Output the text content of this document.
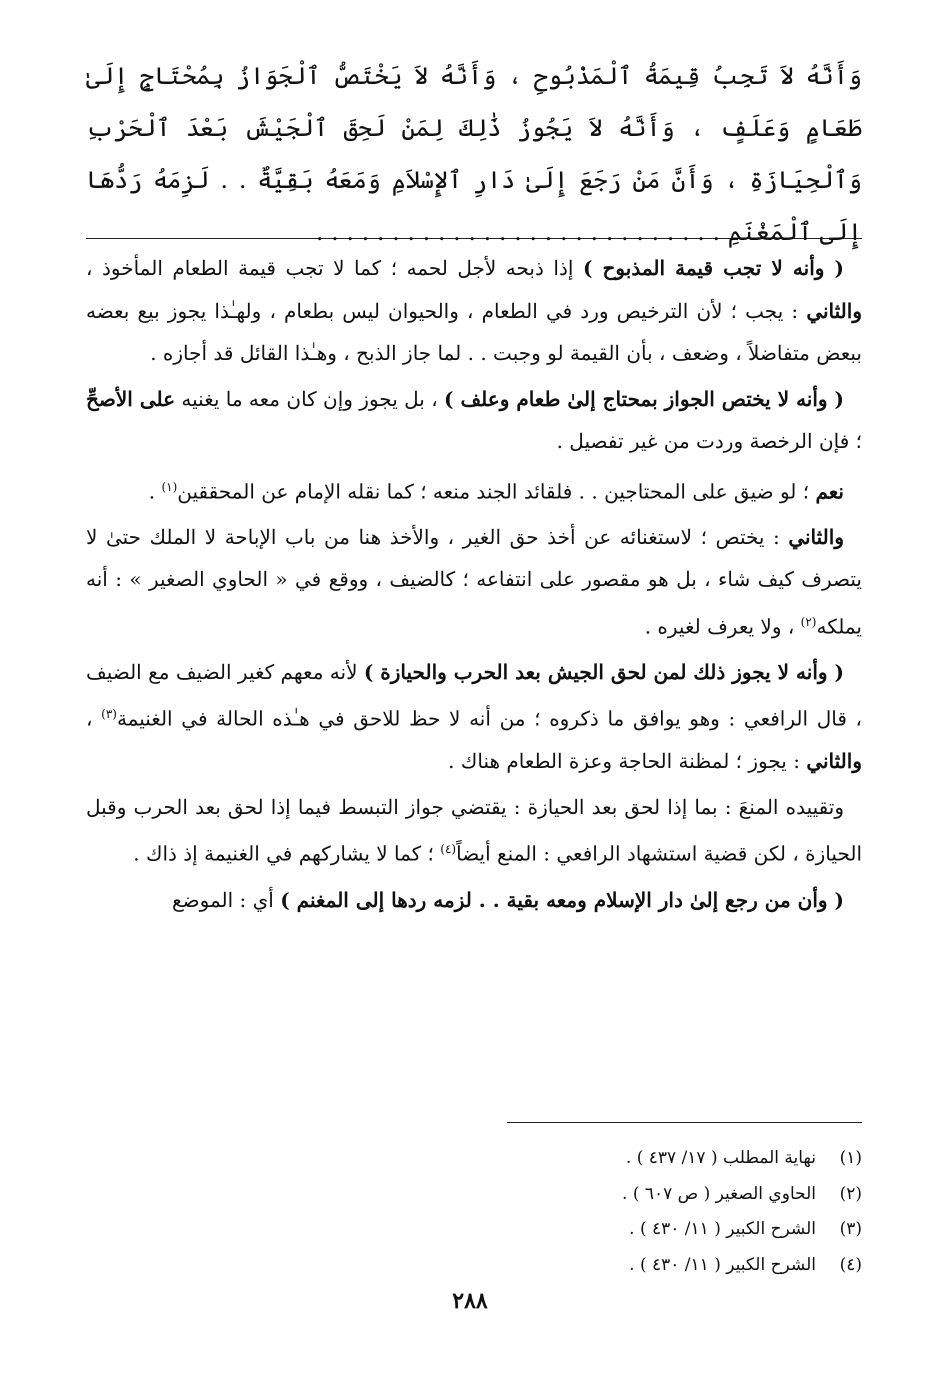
وَأَنَّهُ لاَ تَجِبُ قِيمَةُ ٱلْمَذْبُوحِ ، وَأَنَّهُ لاَ يَخْتَصُّ ٱلْجَوَازُ بِمُحْتَاجٍ إِلَىٰ طَعَامٍ وَعَلَفٍ ، وَأَنَّهُ لاَ يَجُوزُ ذَٰلِكَ لِمَنْ لَحِقَ ٱلْجَيْشَ بَعْدَ ٱلْحَرْبِ وَٱلْحِيَازَةِ ، وَأَنَّ مَنْ رَجَعَ إِلَىٰ دَارِ ٱلإِسْلاَمِ وَمَعَهُ بَقِيَّةٌ . . لَزِمَهُ رَدُّهَا إِلَى ٱلْمَغْنَمِ . . . . . . . . . . . . . . . . . . . . . . . . . . .

( وأنه لا تجب قيمة المذبوح ) إذا ذبحه لأجل لحمه ؛ كما لا تجب قيمة الطعام المأخوذ ، والثاني : يجب ؛ لأن الترخيص ورد في الطعام ، والحيوان ليس بطعام ، ولهـٰذا يجوز بيع بعضه ببعض متفاضلاً ، وضعف ، بأن القيمة لو وجبت . . لما جاز الذبح ، وهـٰذا القائل قد أجازه .

( وأنه لا يختص الجواز بمحتاج إلىٰ طعام وعلف ) ، بل يجوز وإن كان معه ما يغنيه على الأصحِّ ؛ فإن الرخصة وردت من غير تفصيل .

نعم ؛ لو ضيق على المحتاجين . . فلقائد الجند منعه ؛ كما نقله الإمام عن المحققين$^{(١)}$ .

والثاني : يختص ؛ لاستغنائه عن أخذ حق الغير ، والأخذ هنا من باب الإباحة لا الملك حتىٰ لا يتصرف كيف شاء ، بل هو مقصور على انتفاعه ؛ كالضيف ، ووقع في « الحاوي الصغير » : أنه يملكه$^{(٢)}$ ، ولا يعرف لغيره .

( وأنه لا يجوز ذلك لمن لحق الجيش بعد الحرب والحيازة ) لأنه معهم كغير الضيف مع الضيف ، قال الرافعي : وهو يوافق ما ذكروه ؛ من أنه لا حظ للاحق في هـٰذه الحالة في الغنيمة$^{(٣)}$ ، والثاني : يجوز ؛ لمظنة الحاجة وعزة الطعام هناك .

وتقييده المنعَ : بما إذا لحق بعد الحيازة : يقتضي جواز التبسط فيما إذا لحق بعد الحرب وقبل الحيازة ، لكن قضية استشهاد الرافعي : المنع أيضاً$^{(٤)}$ ؛ كما لا يشاركهم في الغنيمة إذ ذاك .

( وأن من رجع إلىٰ دار الإسلام ومعه بقية . . لزمه ردها إلى المغنم ) أي : الموضع

(١)
نهاية المطلب ( ١٧/ ٤٣٧ ) .
(٢)
الحاوي الصغير ( ص ٦٠٧ ) .
(٣)
الشرح الكبير ( ١١/ ٤٣٠ ) .
(٤)
الشرح الكبير ( ١١/ ٤٣٠ ) .
٢٨٨
